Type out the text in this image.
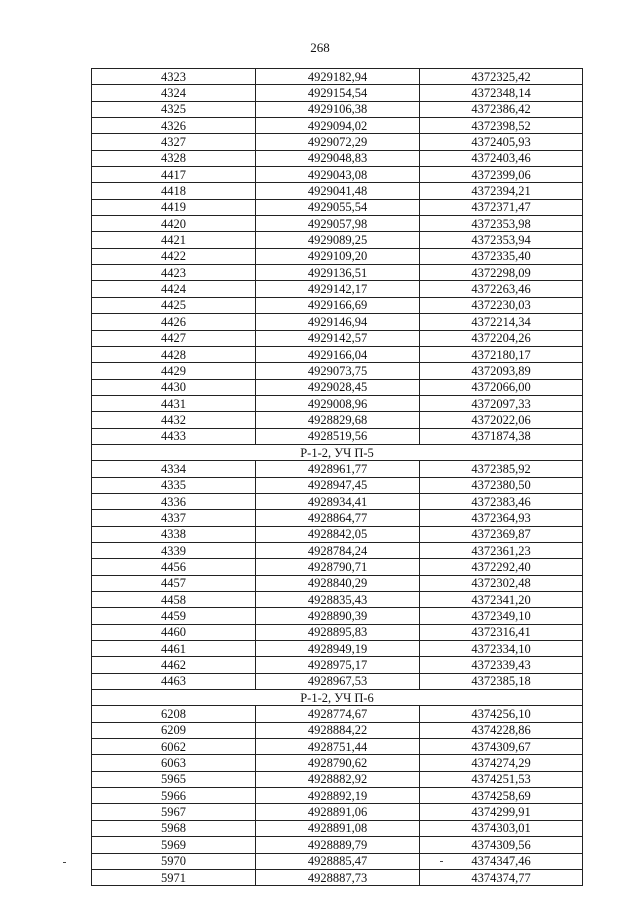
268
4323	4929182,94	4372325,42
4324	4929154,54	4372348,14
4325	4929106,38	4372386,42
4326	4929094,02	4372398,52
4327	4929072,29	4372405,93
4328	4929048,83	4372403,46
4417	4929043,08	4372399,06
4418	4929041,48	4372394,21
4419	4929055,54	4372371,47
4420	4929057,98	4372353,98
4421	4929089,25	4372353,94
4422	4929109,20	4372335,40
4423	4929136,51	4372298,09
4424	4929142,17	4372263,46
4425	4929166,69	4372230,03
4426	4929146,94	4372214,34
4427	4929142,57	4372204,26
4428	4929166,04	4372180,17
4429	4929073,75	4372093,89
4430	4929028,45	4372066,00
4431	4929008,96	4372097,33
4432	4928829,68	4372022,06
4433	4928519,56	4371874,38
Р-1-2, УЧ П-5		
4334	4928961,77	4372385,92
4335	4928947,45	4372380,50
4336	4928934,41	4372383,46
4337	4928864,77	4372364,93
4338	4928842,05	4372369,87
4339	4928784,24	4372361,23
4456	4928790,71	4372292,40
4457	4928840,29	4372302,48
4458	4928835,43	4372341,20
4459	4928890,39	4372349,10
4460	4928895,83	4372316,41
4461	4928949,19	4372334,10
4462	4928975,17	4372339,43
4463	4928967,53	4372385,18
Р-1-2, УЧ П-6		
6208	4928774,67	4374256,10
6209	4928884,22	4374228,86
6062	4928751,44	4374309,67
6063	4928790,62	4374274,29
5965	4928882,92	4374251,53
5966	4928892,19	4374258,69
5967	4928891,06	4374299,91
5968	4928891,08	4374303,01
5969	4928889,79	4374309,56
5970	4928885,47	4374347,46
5971	4928887,73	4374374,77
